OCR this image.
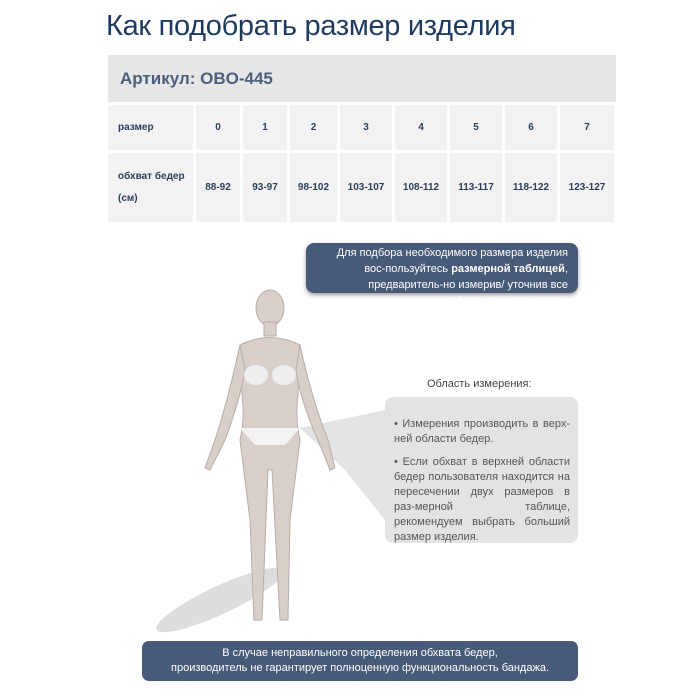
Как подобрать размер изделия
Артикул: OBO-445
размер	0	1	2	3	4	5	6	7
обхват бедер
(см)
88-92	93-97	98-102	103-107	108-112	113-117	118-122	123-127
Для подбора необходимого размера изделия вос-пользуйтесь размерной таблицей, предваритель-но измерив/ уточнив все необходимые параметры
Область измерения:

• Измерения производить в верх-ней области бедер.

• Если обхват в верхней области бедер пользователя находится на пересечении двух размеров в раз-мерной таблице, рекомендуем выбрать больший размер изделия.

В случае неправильного определения обхвата бедер,
производитель не гарантирует полноценную функциональность бандажа.
